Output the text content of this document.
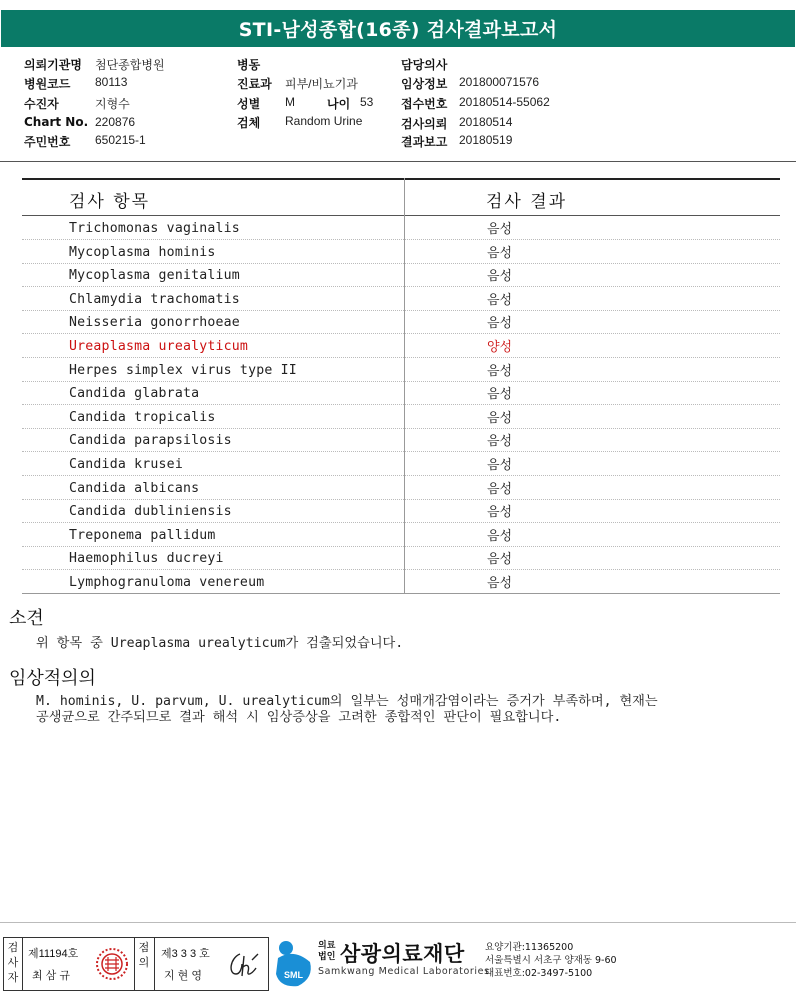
STI-남성종합(16종) 검사결과보고서
의뢰기관명 첨단종합병원
병원코드 80113
수진자	지형수
Chart No. 220876
주민번호 650215-1
병동
진료과 피부/비뇨기과
성별 M	나이 53
검체 Random Urine
담당의사
임상정보 201800071576
접수번호 20180514-55062
검사의뢰 20180514
결과보고 20180519
검사 항목	검사 결과
Trichomonas vaginalis	음성
Mycoplasma hominis	음성
Mycoplasma genitalium	음성
Chlamydia trachomatis	음성
Neisseria gonorrhoeae	음성
Ureaplasma urealyticum	양성
Herpes simplex virus type II	음성
Candida glabrata	음성
Candida tropicalis	음성
Candida parapsilosis	음성
Candida krusei	음성
Candida albicans	음성
Candida dubliniensis	음성
Treponema pallidum	음성
Haemophilus ducreyi	음성
Lymphogranuloma venereum	음성
소견
위 항목 중 Ureaplasma urealyticum가 검출되었습니다.
임상적의의
M. hominis, U. parvum, U. urealyticum의 일부는 성매개감염이라는 증거가 부족하며, 현재는
공생균으로 간주되므로 결과 해석 시 임상증상을 고려한 종합적인 판단이 필요합니다.
검
사
자
제11194호
최 삼 규
점
의
제3 3 3 호
지 현 영	SML
의료
법인 삼광의료재단
Samkwang Medical Laboratories
요양기관:11365200
서울특별시 서초구 양재동 9-60
대표번호:02-3497-5100
